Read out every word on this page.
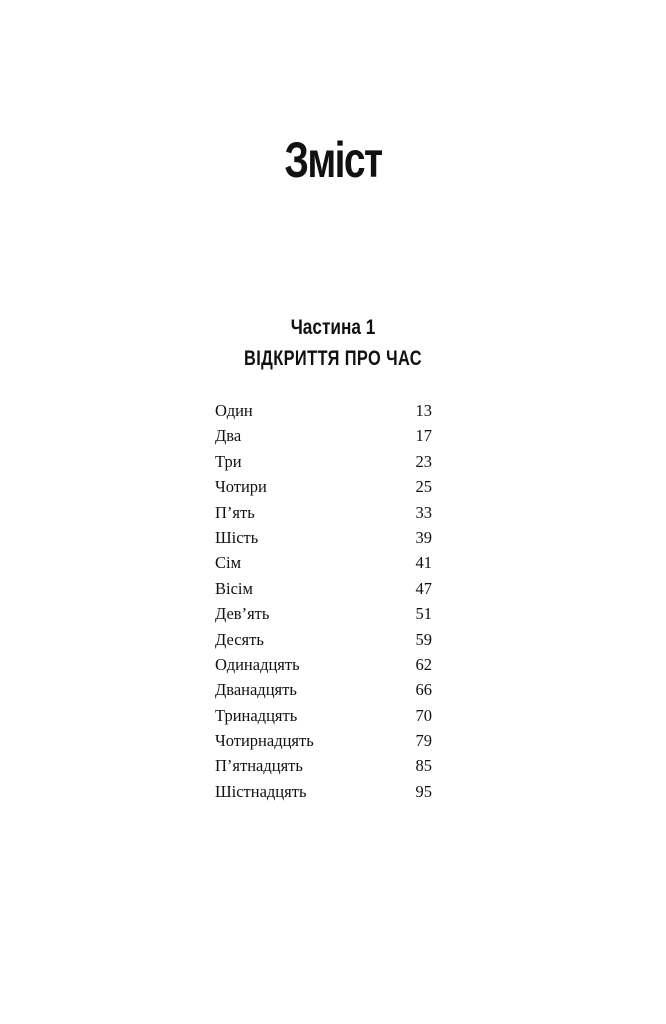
Зміст
Частина 1
ВІДКРИТТЯ ПРО ЧАС
Один	13
Два	17
Три	23
Чотири	25
П’ять	33
Шість	39
Сім	41
Вісім	47
Дев’ять	51
Десять	59
Одинадцять	62
Дванадцять	66
Тринадцять	70
Чотирнадцять	79
П’ятнадцять	85
Шістнадцять	95
